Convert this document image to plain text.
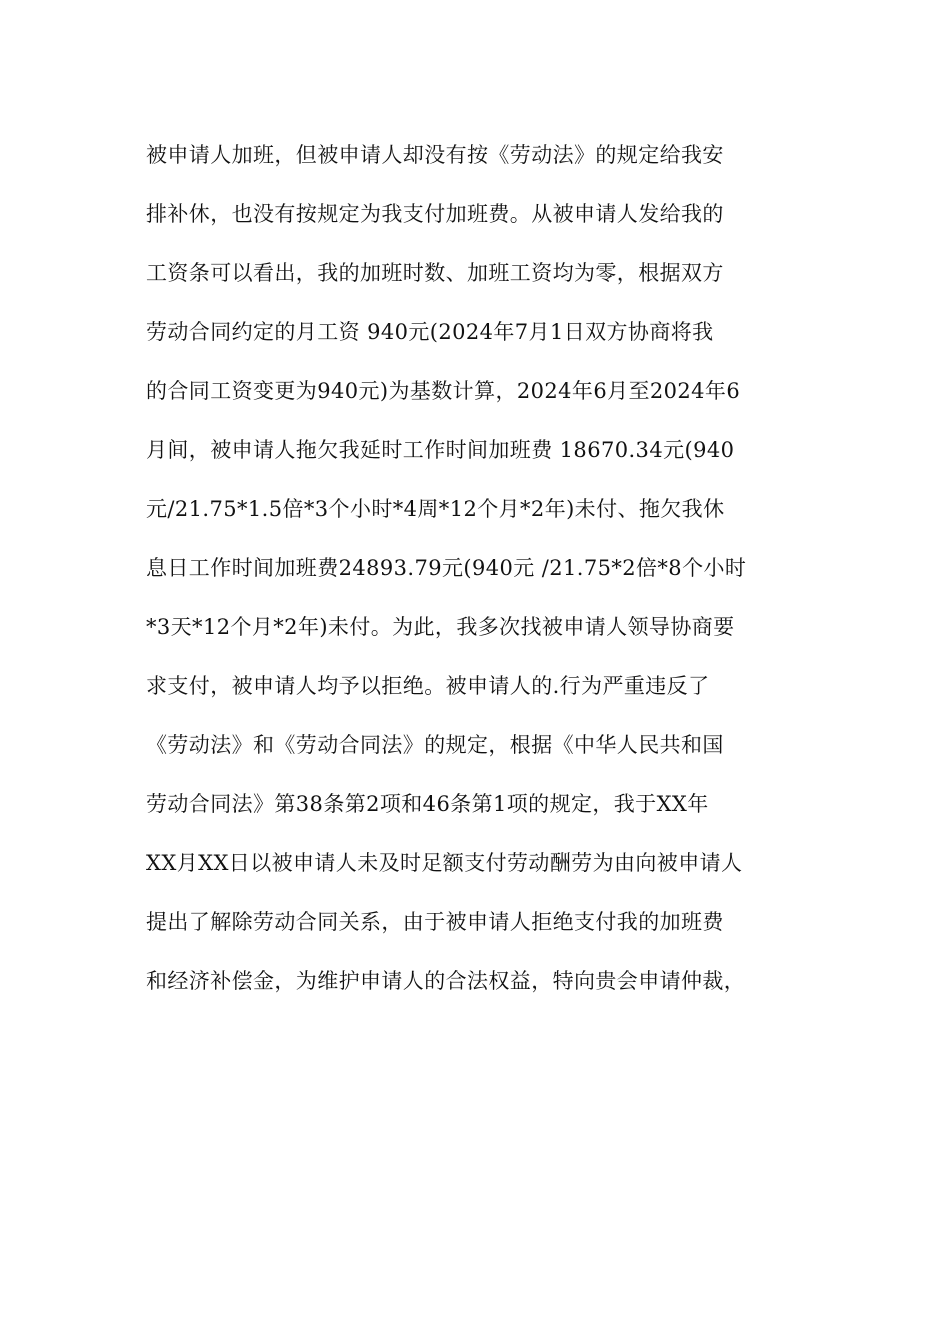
被申请人加班，但被申请人却没有按《劳动法》的规定给我安
排补休，也没有按规定为我支付加班费。从被申请人发给我的
工资条可以看出，我的加班时数、加班工资均为零，根据双方
劳动合同约定的月工资 940元(2024年7月1日双方协商将我
的合同工资变更为940元)为基数计算，2024年6月至2024年6
月间，被申请人拖欠我延时工作时间加班费 18670.34元(940
元/21.75*1.5倍*3个小时*4周*12个月*2年)未付、拖欠我休
息日工作时间加班费24893.79元(940元 /21.75*2倍*8个小时
*3天*12个月*2年)未付。为此，我多次找被申请人领导协商要
求支付，被申请人均予以拒绝。被申请人的.行为严重违反了
《劳动法》和《劳动合同法》的规定，根据《中华人民共和国
劳动合同法》第38条第2项和46条第1项的规定，我于XX年
XX月XX日以被申请人未及时足额支付劳动酬劳为由向被申请人
提出了解除劳动合同关系，由于被申请人拒绝支付我的加班费
和经济补偿金，为维护申请人的合法权益，特向贵会申请仲裁，
